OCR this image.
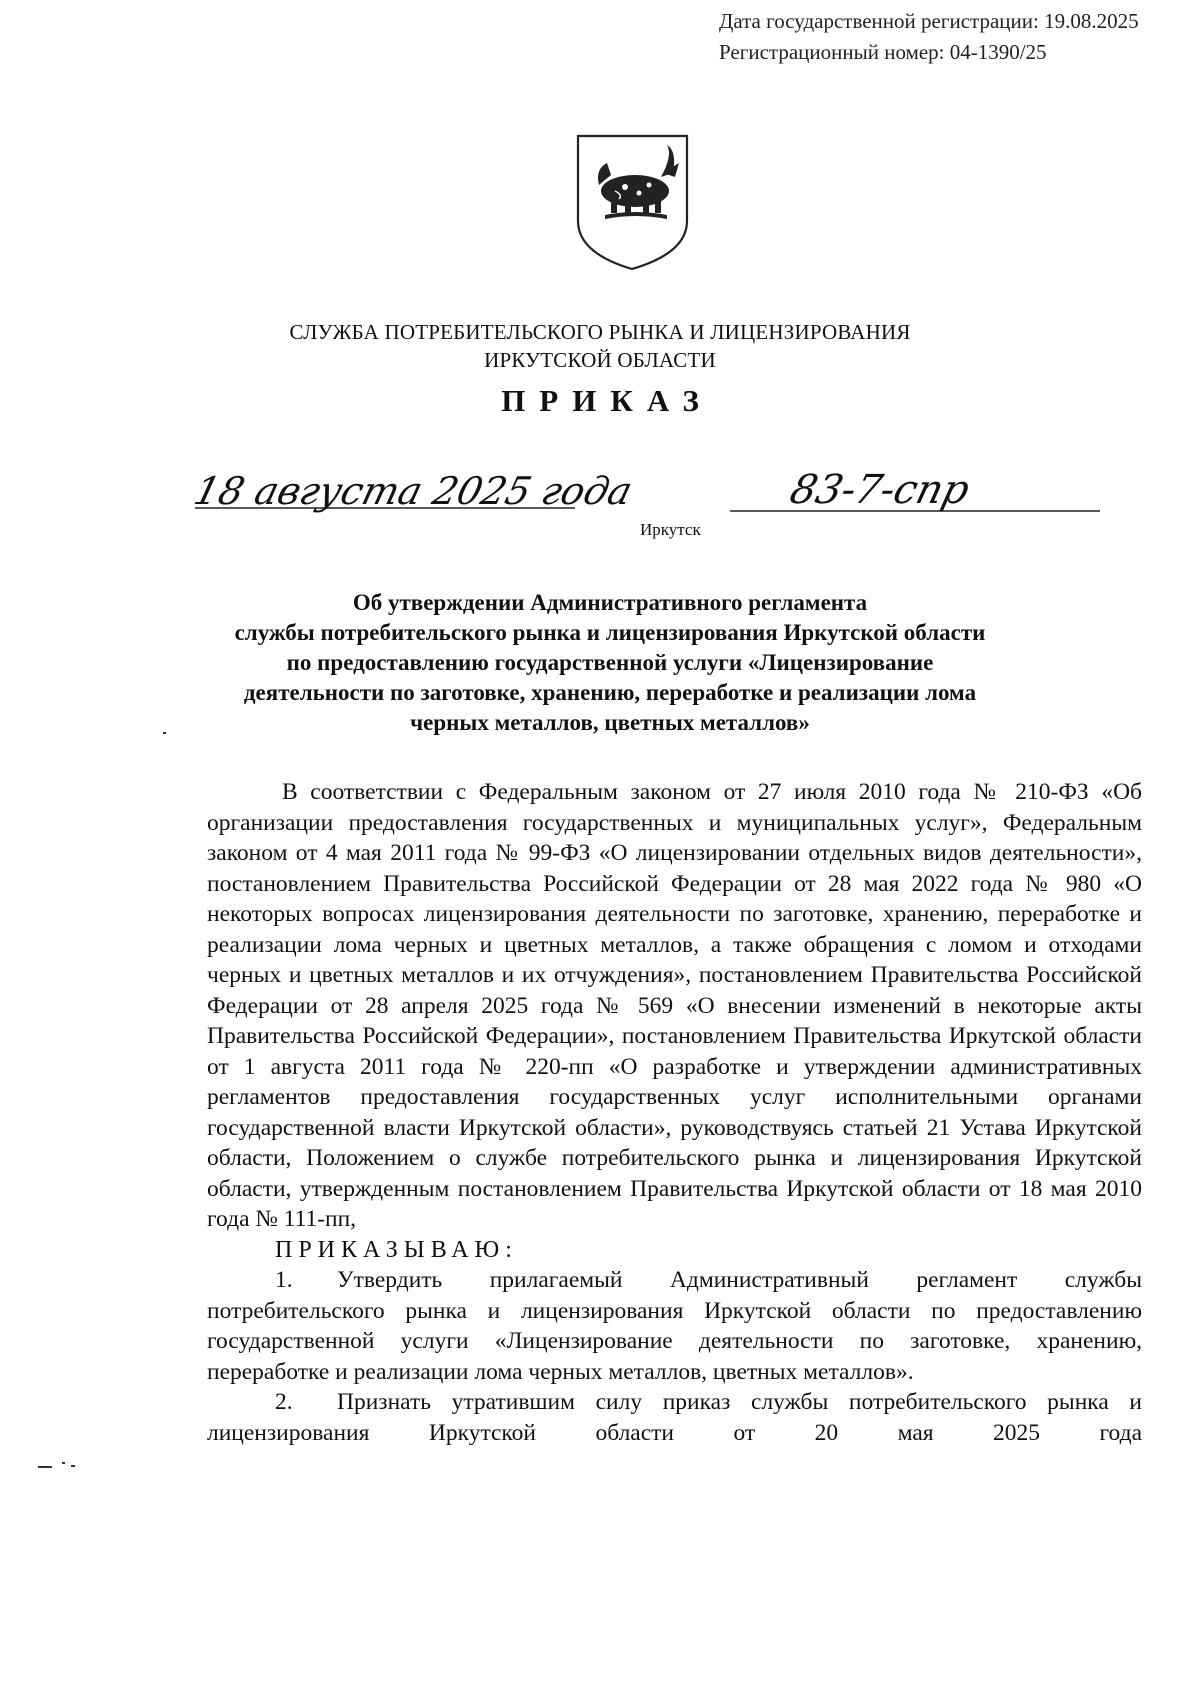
Дата государственной регистрации: 19.08.2025
Регистрационный номер: 04-1390/25
СЛУЖБА ПОТРЕБИТЕЛЬСКОГО РЫНКА И ЛИЦЕНЗИРОВАНИЯ
ИРКУТСКОЙ ОБЛАСТИ
ПРИКАЗ
18 августа 2025 года	83-7-спр
Иркутск
Об утверждении Административного регламента
службы потребительского рынка и лицензирования Иркутской области
по предоставлению государственной услуги «Лицензирование
деятельности по заготовке, хранению, переработке и реализации лома
черных металлов, цветных металлов»

В соответствии с Федеральным законом от 27 июля 2010 года № 210-ФЗ «Об организации предоставления государственных и муниципальных услуг», Федеральным законом от 4 мая 2011 года № 99-ФЗ «О лицензировании отдельных видов деятельности», постановлением Правительства Российской Федерации от 28 мая 2022 года № 980 «О некоторых вопросах лицензирования деятельности по заготовке, хранению, переработке и реализации лома черных и цветных металлов, а также обращения с ломом и отходами черных и цветных металлов и их отчуждения», постановлением Правительства Российской Федерации от 28 апреля 2025 года № 569 «О внесении изменений в некоторые акты Правительства Российской Федерации», постановлением Правительства Иркутской области от 1 августа 2011 года № 220-пп «О разработке и утверждении административных регламентов предоставления государственных услуг исполнительными органами государственной власти Иркутской области», руководствуясь статьей 21 Устава Иркутской области, Положением о службе потребительского рынка и лицензирования Иркутской области, утвержденным постановлением Правительства Иркутской области от 18 мая 2010 года № 111-пп,

ПРИКАЗЫВАЮ:

1. Утвердить прилагаемый Административный регламент службы потребительского рынка и лицензирования Иркутской области по предоставлению государственной услуги «Лицензирование деятельности по заготовке, хранению, переработке и реализации лома черных металлов, цветных металлов».

2. Признать утратившим силу приказ службы потребительского рынка и лицензирования Иркутской области от 20 мая 2025 года
